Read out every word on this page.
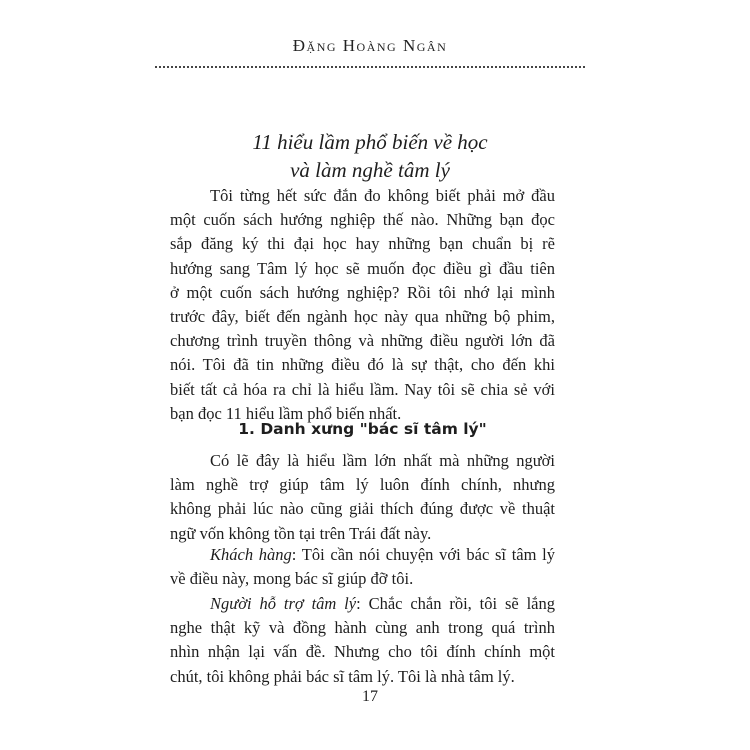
Đặng Hoàng Ngân
11 hiểu lầm phổ biến về học
và làm nghề tâm lý

Tôi từng hết sức đắn đo không biết phải mở đầu
một cuốn sách hướng nghiệp thế nào. Những bạn đọc
sắp đăng ký thi đại học hay những bạn chuẩn bị rẽ
hướng sang Tâm lý học sẽ muốn đọc điều gì đầu tiên
ở một cuốn sách hướng nghiệp? Rồi tôi nhớ lại mình
trước đây, biết đến ngành học này qua những bộ phim,
chương trình truyền thông và những điều người lớn đã
nói. Tôi đã tin những điều đó là sự thật, cho đến khi
biết tất cả hóa ra chỉ là hiểu lầm. Nay tôi sẽ chia sẻ với
bạn đọc 11 hiểu lầm phổ biến nhất.

1. Danh xưng "bác sĩ tâm lý"

Có lẽ đây là hiểu lầm lớn nhất mà những người
làm nghề trợ giúp tâm lý luôn đính chính, nhưng
không phải lúc nào cũng giải thích đúng được về thuật
ngữ vốn không tồn tại trên Trái đất này.

Khách hàng: Tôi cần nói chuyện với bác sĩ tâm lý
về điều này, mong bác sĩ giúp đỡ tôi.

Người hỗ trợ tâm lý: Chắc chắn rồi, tôi sẽ lắng
nghe thật kỹ và đồng hành cùng anh trong quá trình
nhìn nhận lại vấn đề. Nhưng cho tôi đính chính một
chút, tôi không phải bác sĩ tâm lý. Tôi là nhà tâm lý.

17
